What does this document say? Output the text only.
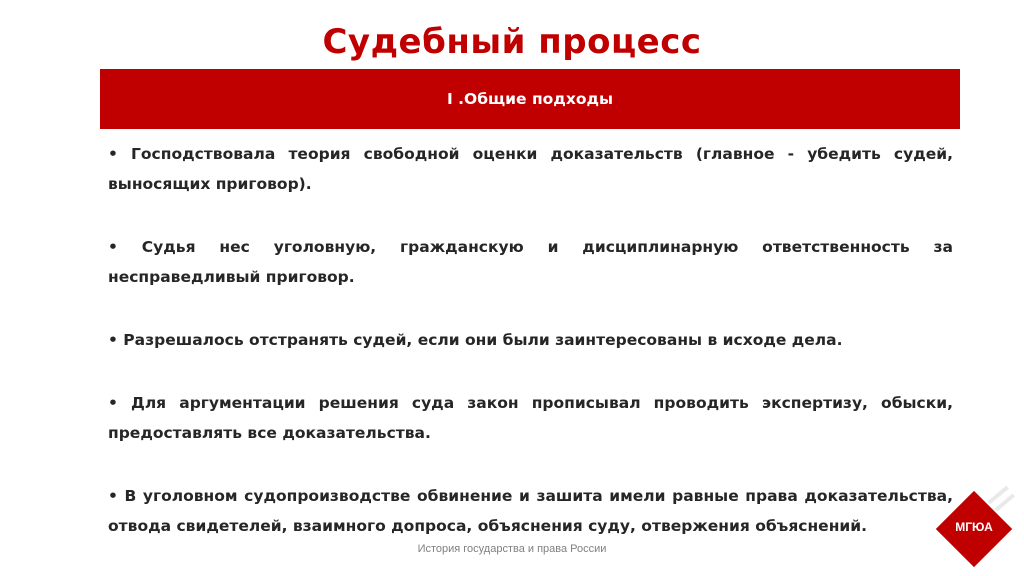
Судебный процесс
I .Общие подходы

• Господствовала теория свободной оценки доказательств (главное - убедить судей, выносящих приговор).

• Судья нес уголовную, гражданскую и дисциплинарную ответственность за несправедливый приговор.

• Разрешалось отстранять судей, если они были заинтересованы в исходе дела.

• Для аргументации решения суда закон прописывал проводить экспертизу, обыски, предоставлять все доказательства.

• В уголовном судопроизводстве обвинение и зашита имели равные права доказательства, отвода свидетелей, взаимного допроса, объяснения суду, отвержения объяснений.

История государства и права России
МГЮА
